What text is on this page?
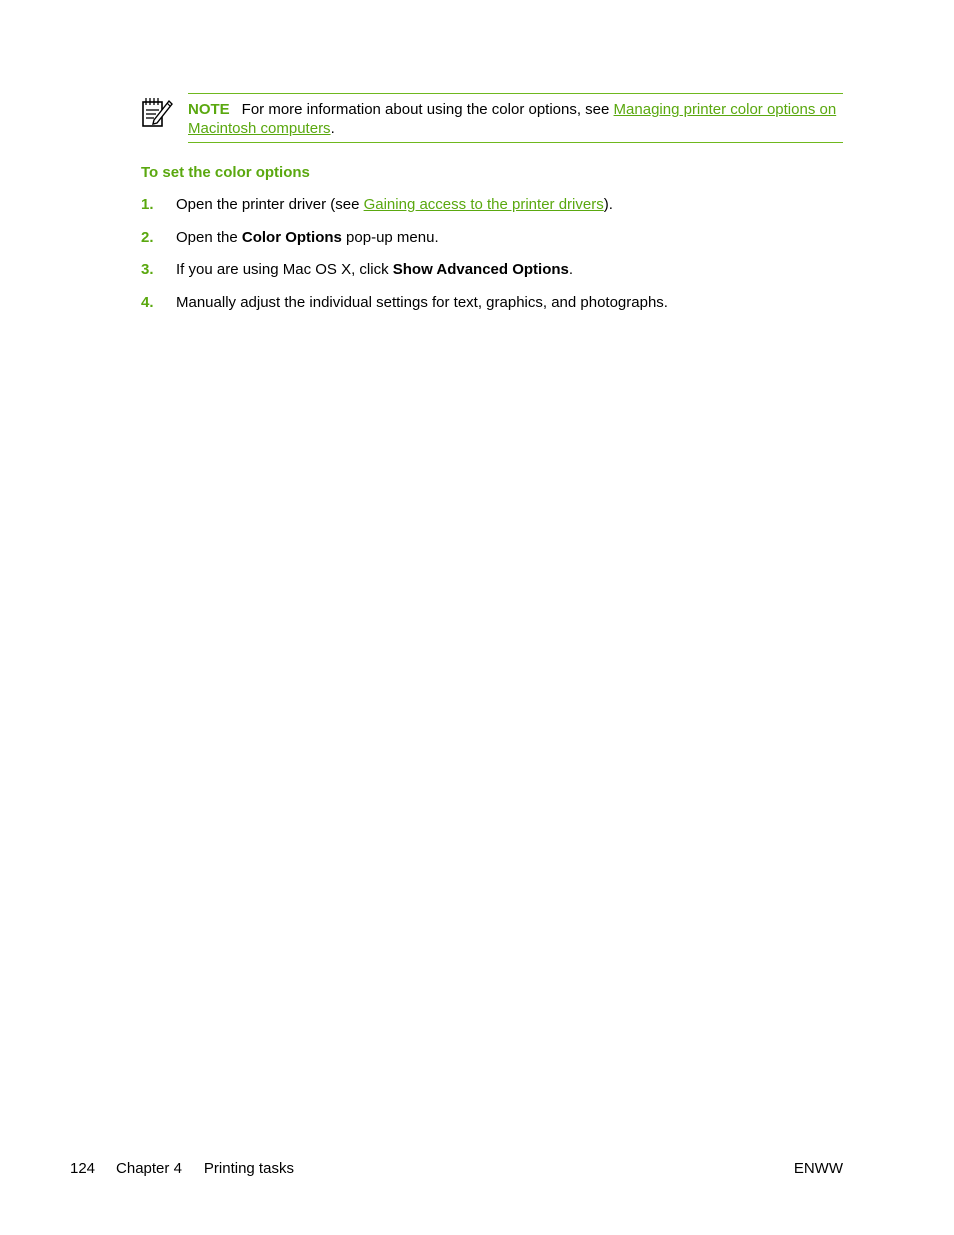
NOTE For more information about using the color options, see Managing printer color options on Macintosh computers.
To set the color options
1. Open the printer driver (see Gaining access to the printer drivers).
2. Open the Color Options pop-up menu.
3. If you are using Mac OS X, click Show Advanced Options.
4. Manually adjust the individual settings for text, graphics, and photographs.
124 Chapter 4 Printing tasks	ENWW
